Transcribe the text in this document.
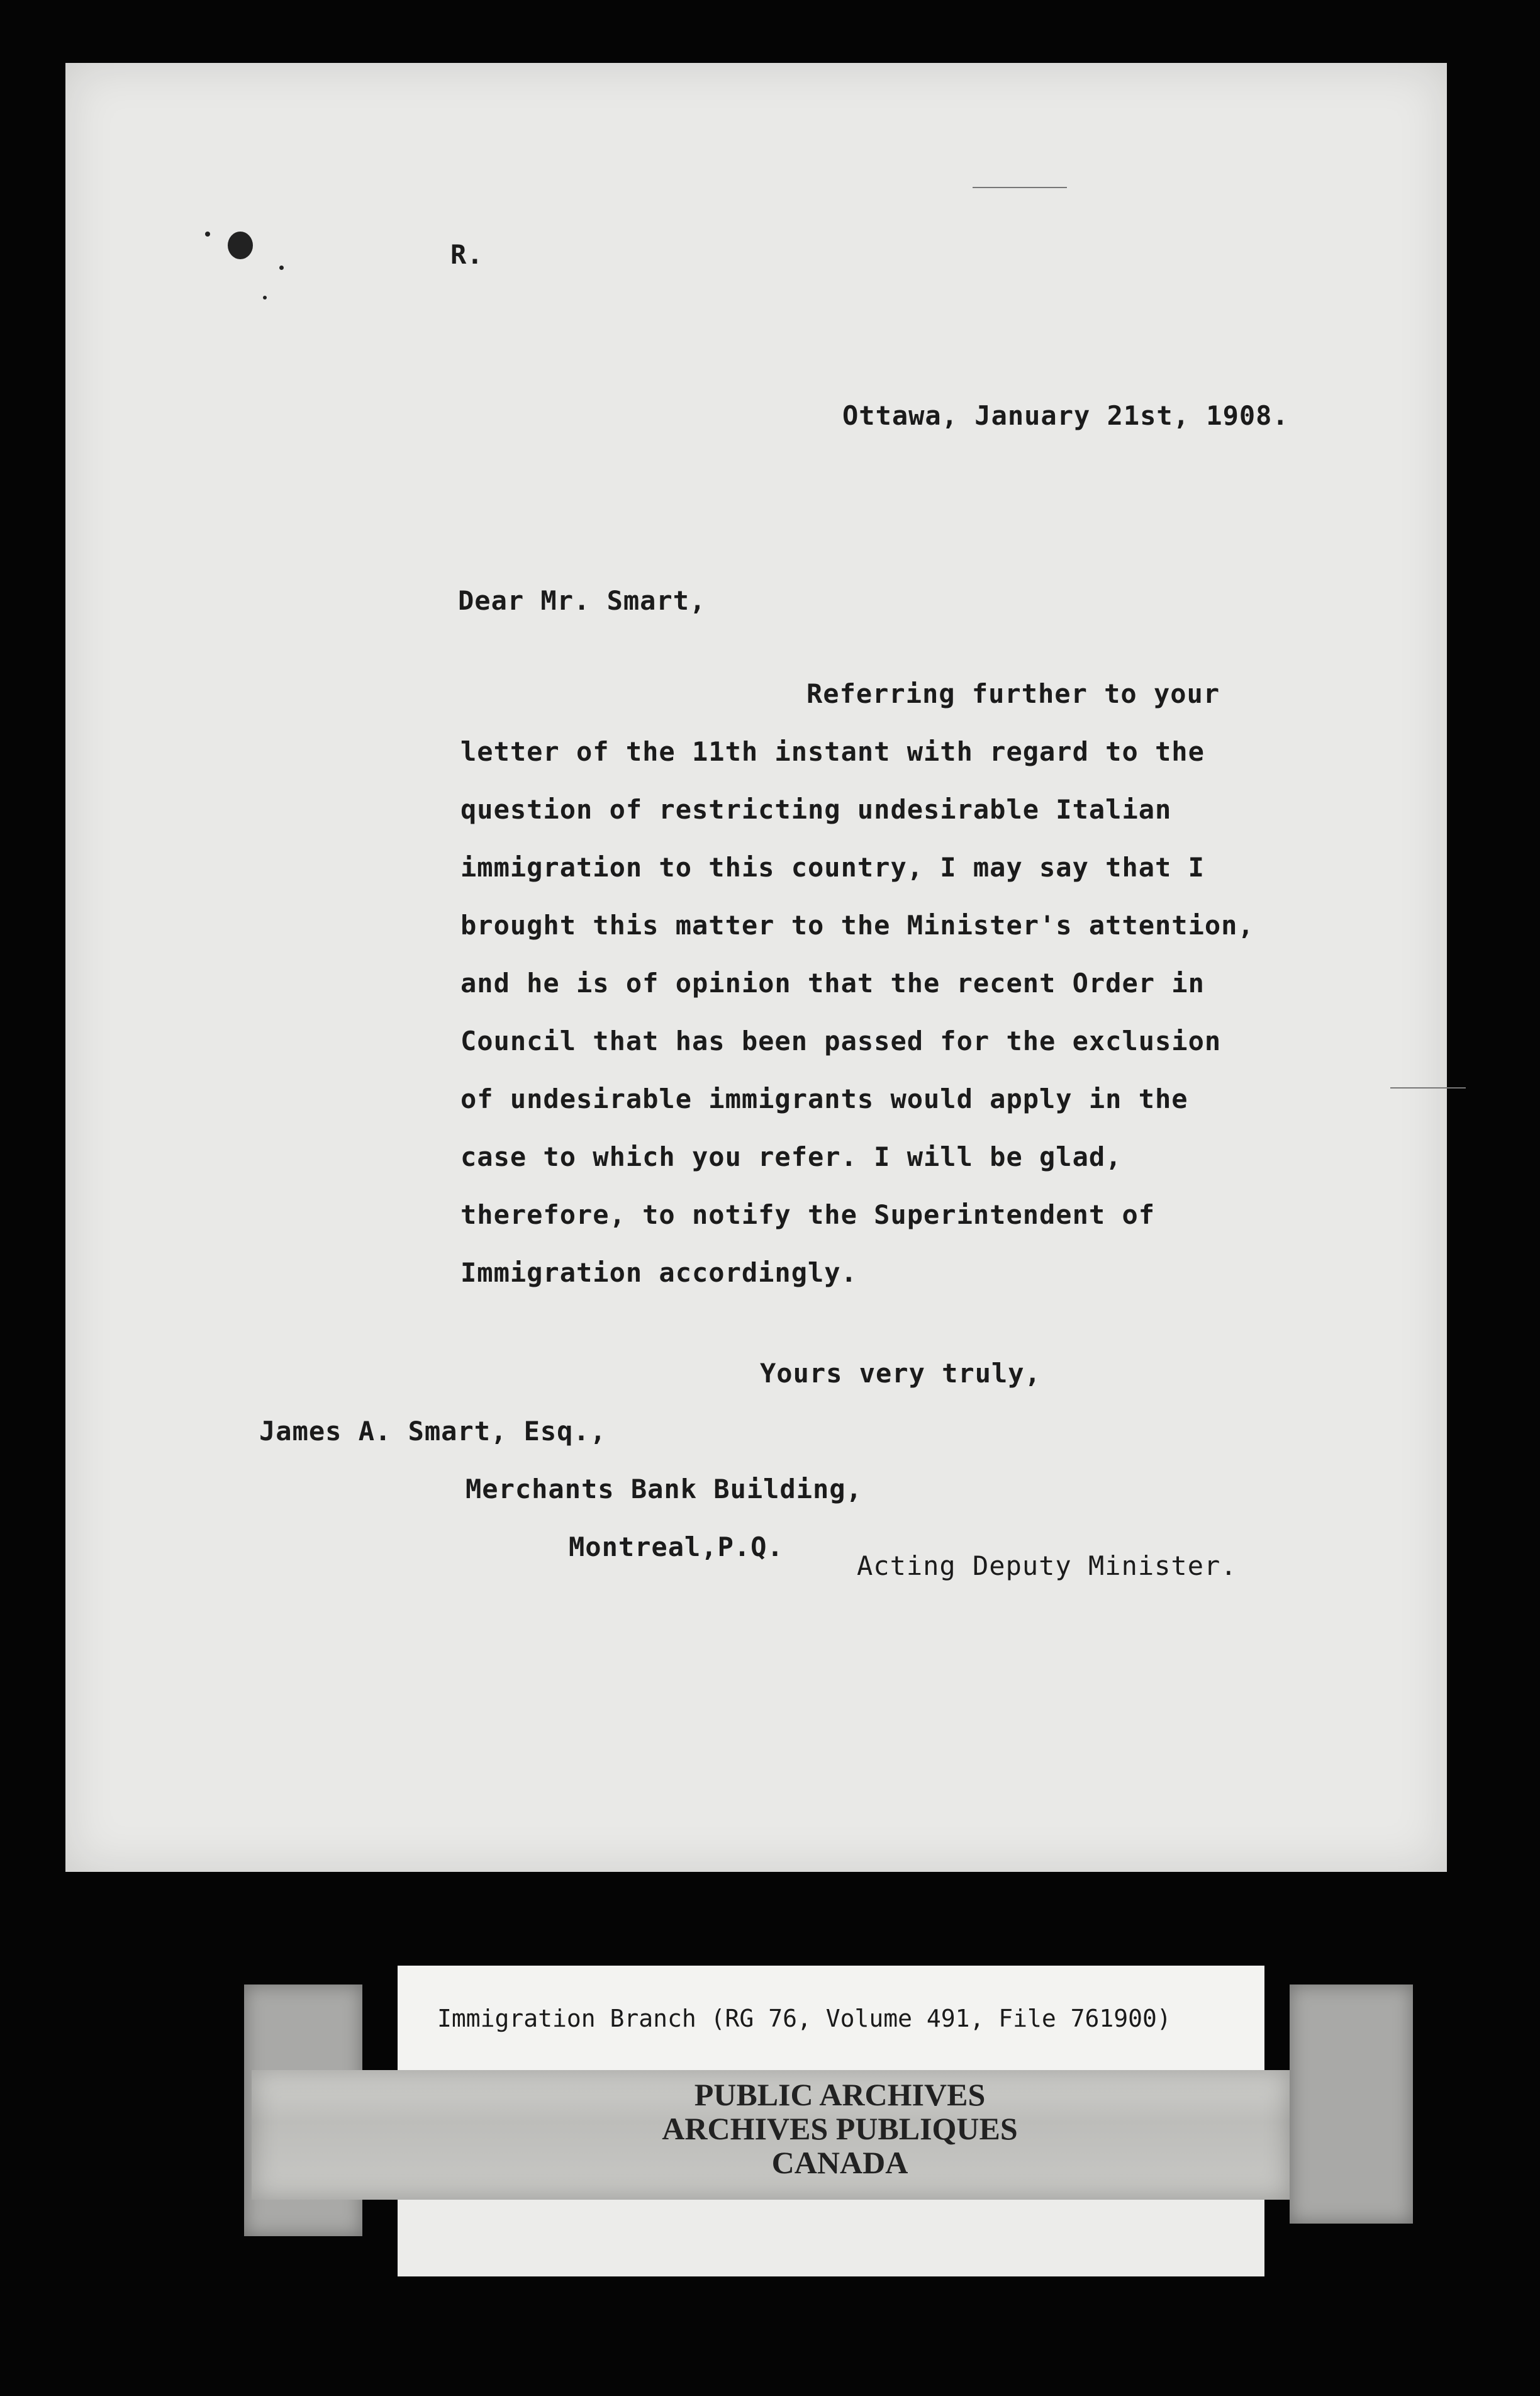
R.
Ottawa, January 21st, 1908.
Dear Mr. Smart,
Referring further to your
letter of the 11th instant with regard to the
question of restricting undesirable Italian
immigration to this country, I may say that I
brought this matter to the Minister's attention,
and he is of opinion that the recent Order in
Council that has been passed for the exclusion
of undesirable immigrants would apply in the
case to which you refer. I will be glad,
therefore, to notify the Superintendent of
Immigration accordingly.
Yours very truly,
James A. Smart, Esq.,
Merchants Bank Building,
Montreal,P.Q.
Acting Deputy Minister.
Immigration Branch (RG 76, Volume 491, File 761900)
PUBLIC ARCHIVES
ARCHIVES PUBLIQUES
CANADA
